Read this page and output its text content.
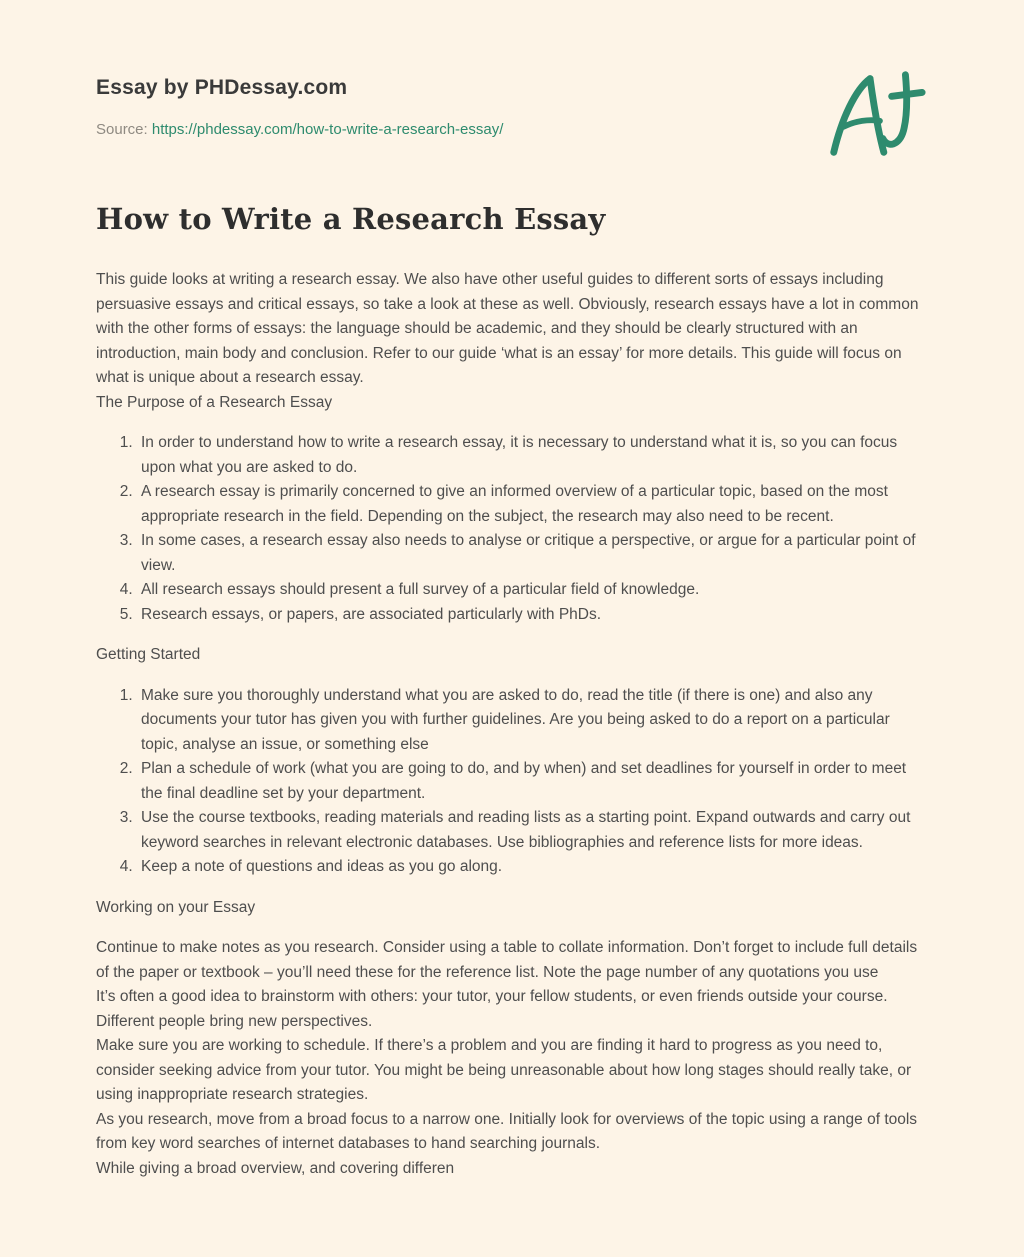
Essay by PHDessay.com
Source: https://phdessay.com/how-to-write-a-research-essay/
How to Write a Research Essay

This guide looks at writing a research essay. We also have other useful guides to different sorts of essays including persuasive essays and critical essays, so take a look at these as well. Obviously, research essays have a lot in common with the other forms of essays: the language should be academic, and they should be clearly structured with an introduction, main body and conclusion. Refer to our guide ‘what is an essay’ for more details. This guide will focus on what is unique about a research essay.

The Purpose of a Research Essay

1. In order to understand how to write a research essay, it is necessary to understand what it is, so you can focus upon what you are asked to do.
2. A research essay is primarily concerned to give an informed overview of a particular topic, based on the most appropriate research in the field. Depending on the subject, the research may also need to be recent.
3. In some cases, a research essay also needs to analyse or critique a perspective, or argue for a particular point of view.
4. All research essays should present a full survey of a particular field of knowledge.
5. Research essays, or papers, are associated particularly with PhDs.

Getting Started

1. Make sure you thoroughly understand what you are asked to do, read the title (if there is one) and also any documents your tutor has given you with further guidelines. Are you being asked to do a report on a particular topic, analyse an issue, or something else
2. Plan a schedule of work (what you are going to do, and by when) and set deadlines for yourself in order to meet the final deadline set by your department.
3. Use the course textbooks, reading materials and reading lists as a starting point. Expand outwards and carry out keyword searches in relevant electronic databases. Use bibliographies and reference lists for more ideas.
4. Keep a note of questions and ideas as you go along.

Working on your Essay

Continue to make notes as you research. Consider using a table to collate information. Don’t forget to include full details of the paper or textbook – you’ll need these for the reference list. Note the page number of any quotations you use

It’s often a good idea to brainstorm with others: your tutor, your fellow students, or even friends outside your course. Different people bring new perspectives.

Make sure you are working to schedule. If there’s a problem and you are finding it hard to progress as you need to, consider seeking advice from your tutor. You might be being unreasonable about how long stages should really take, or using inappropriate research strategies.

As you research, move from a broad focus to a narrow one. Initially look for overviews of the topic using a range of tools from key word searches of internet databases to hand searching journals.

While giving a broad overview, and covering differen
